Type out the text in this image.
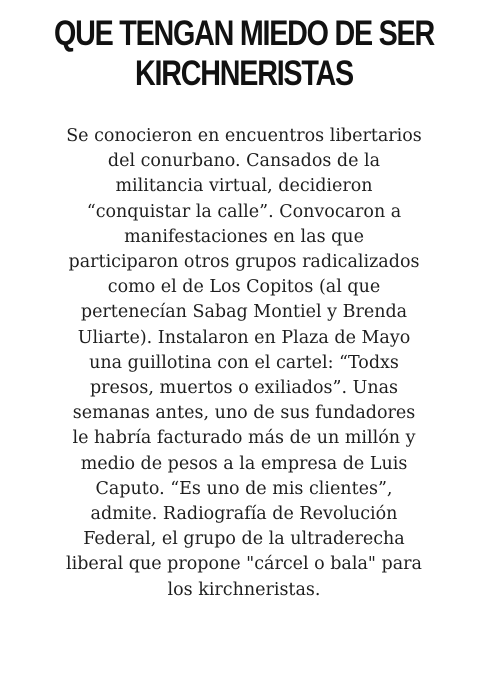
QUE TENGAN MIEDO DE SER
KIRCHNERISTAS

Se conocieron en encuentros libertarios
del conurbano. Cansados de la
militancia virtual, decidieron
“conquistar la calle”. Convocaron a
manifestaciones en las que
participaron otros grupos radicalizados
como el de Los Copitos (al que
pertenecían Sabag Montiel y Brenda
Uliarte). Instalaron en Plaza de Mayo
una guillotina con el cartel: “Todxs
presos, muertos o exiliados”. Unas
semanas antes, uno de sus fundadores
le habría facturado más de un millón y
medio de pesos a la empresa de Luis
Caputo. “Es uno de mis clientes”,
admite. Radiografía de Revolución
Federal, el grupo de la ultraderecha
liberal que propone "cárcel o bala" para
los kirchneristas.
